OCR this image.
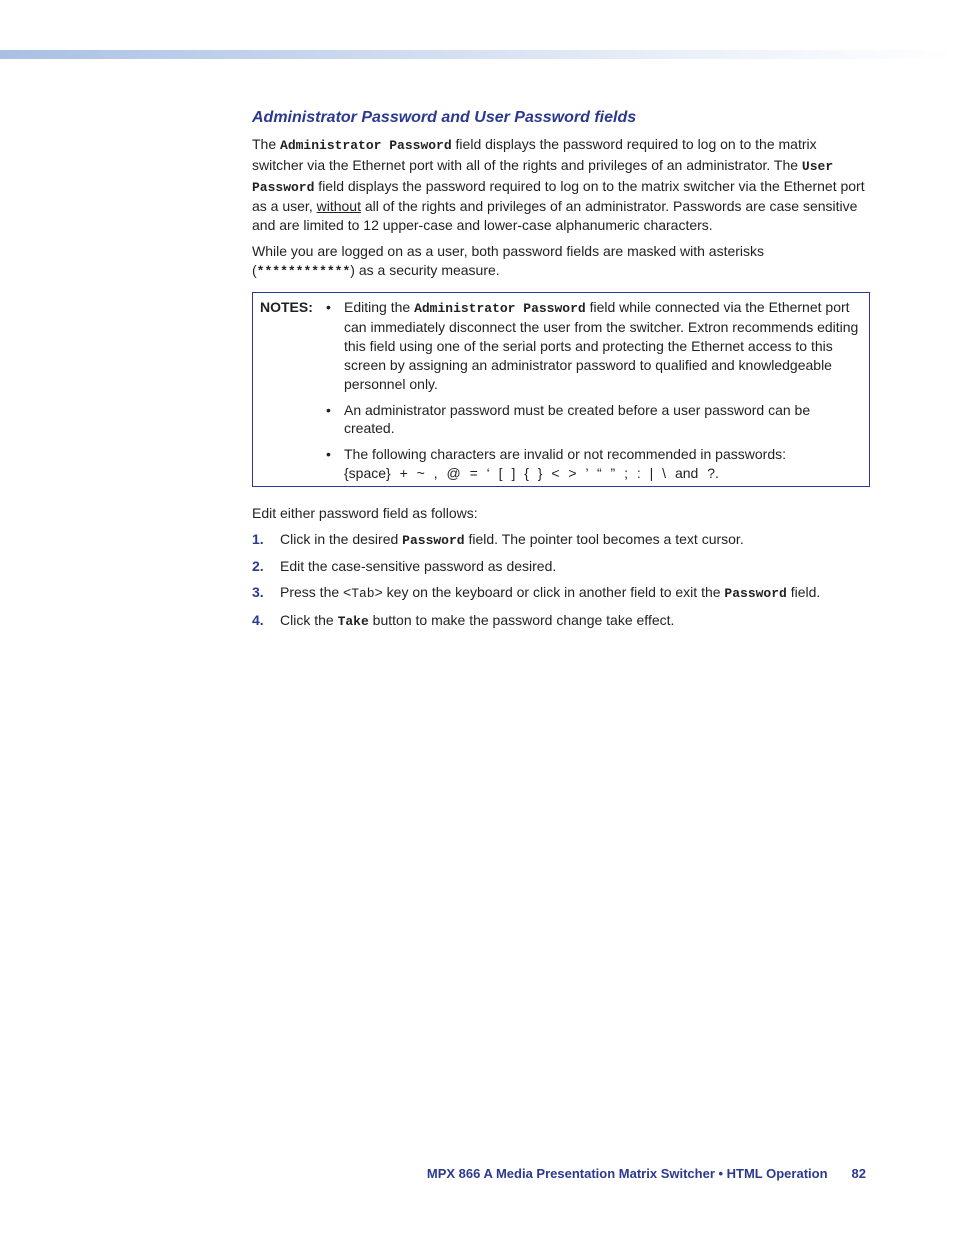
Administrator Password and User Password fields

The Administrator Password field displays the password required to log on to the matrix switcher via the Ethernet port with all of the rights and privileges of an administrator. The User Password field displays the password required to log on to the matrix switcher via the Ethernet port as a user, without all of the rights and privileges of an administrator. Passwords are case sensitive and are limited to 12 upper-case and lower-case alphanumeric characters.

While you are logged on as a user, both password fields are masked with asterisks (************) as a security measure.

NOTES: • Editing the Administrator Password field while connected via the Ethernet port can immediately disconnect the user from the switcher. Extron recommends editing this field using one of the serial ports and protecting the Ethernet access to this screen by assigning an administrator password to qualified and knowledgeable personnel only.
• An administrator password must be created before a user password can be created.
• The following characters are invalid or not recommended in passwords:
{space} + ~ , @ = ‘ [ ] { } < > ’ “ ” ; : | \ and ?.
Edit either password field as follows:
1. Click in the desired Password field. The pointer tool becomes a text cursor.
2. Edit the case-sensitive password as desired.
3. Press the <Tab> key on the keyboard or click in another field to exit the Password field.
4. Click the Take button to make the password change take effect.
MPX 866 A Media Presentation Matrix Switcher • HTML Operation 82
